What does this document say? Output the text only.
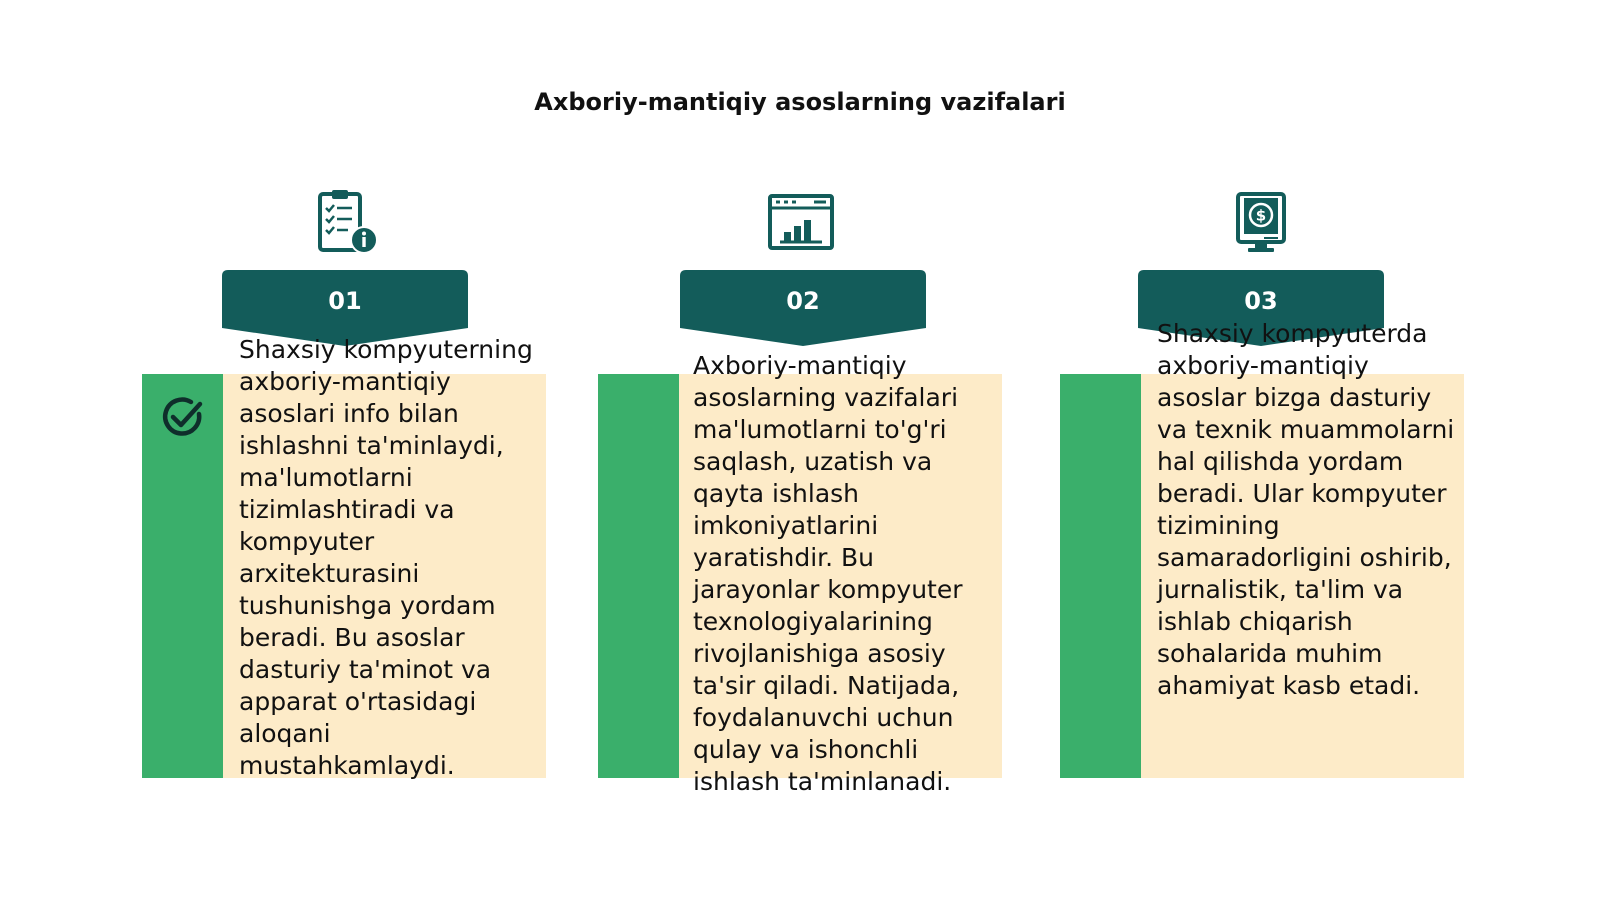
Axboriy-mantiqiy asoslarning vazifalari
01

Shaxsiy kompyuterning axboriy-mantiqiy asoslari info bilan ishlashni ta'minlaydi, ma'lumotlarni tizimlashtiradi va kompyuter arxitekturasini tushunishga yordam beradi. Bu asoslar dasturiy ta'minot va apparat o'rtasidagi aloqani mustahkamlaydi.

02

Axboriy-mantiqiy asoslarning vazifalari ma'lumotlarni to'g'ri saqlash, uzatish va qayta ishlash imkoniyatlarini yaratishdir. Bu jarayonlar kompyuter texnologiyalarining rivojlanishiga asosiy ta'sir qiladi. Natijada, foydalanuvchi uchun qulay va ishonchli ishlash ta'minlanadi.

$
03

Shaxsiy kompyuterda axboriy-mantiqiy asoslar bizga dasturiy va texnik muammolarni hal qilishda yordam beradi. Ular kompyuter tizimining samaradorligini oshirib, jurnalistik, ta'lim va ishlab chiqarish sohalarida muhim ahamiyat kasb etadi.
